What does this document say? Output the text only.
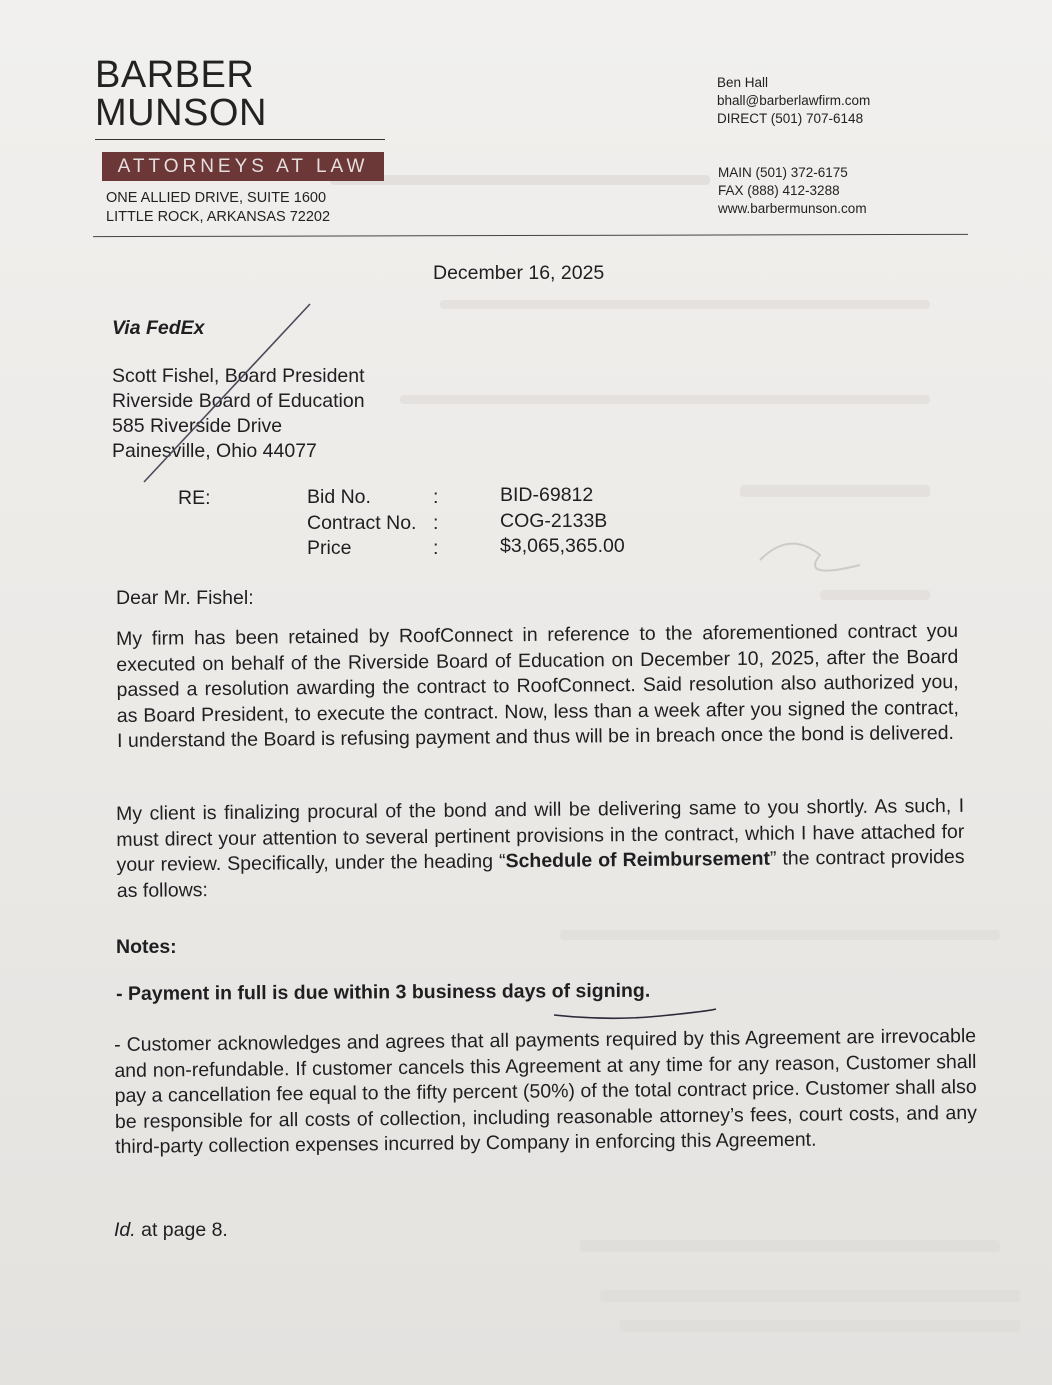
BARBER
MUNSON
ATTORNEYS AT LAW
ONE ALLIED DRIVE, SUITE 1600
LITTLE ROCK, ARKANSAS 72202
Ben Hall
bhall@barberlawfirm.com
DIRECT (501) 707-6148
MAIN (501) 372-6175
FAX (888) 412-3288
www.barbermunson.com
December 16, 2025
Via FedEx
Scott Fishel, Board President
Riverside Board of Education
585 Riverside Drive
Painesville, Ohio 44077
RE:	Bid No.
Contract No.
Price
:
:
:
BID-69812
COG-2133B
$3,065,365.00
Dear Mr. Fishel:
My firm has been retained by RoofConnect in reference to the aforementioned contract you executed on behalf of the Riverside Board of Education on December 10, 2025, after the Board passed a resolution awarding the contract to RoofConnect. Said resolution also authorized you, as Board President, to execute the contract. Now, less than a week after you signed the contract, I understand the Board is refusing payment and thus will be in breach once the bond is delivered.
My client is finalizing procural of the bond and will be delivering same to you shortly. As such, I must direct your attention to several pertinent provisions in the contract, which I have attached for your review. Specifically, under the heading “Schedule of Reimbursement” the contract provides as follows:
Notes:
- Payment in full is due within 3 business days of signing.
- Customer acknowledges and agrees that all payments required by this Agreement are irrevocable and non-refundable. If customer cancels this Agreement at any time for any reason, Customer shall pay a cancellation fee equal to the fifty percent (50%) of the total contract price. Customer shall also be responsible for all costs of collection, including reasonable attorney’s fees, court costs, and any third-party collection expenses incurred by Company in enforcing this Agreement.
Id. at page 8.
